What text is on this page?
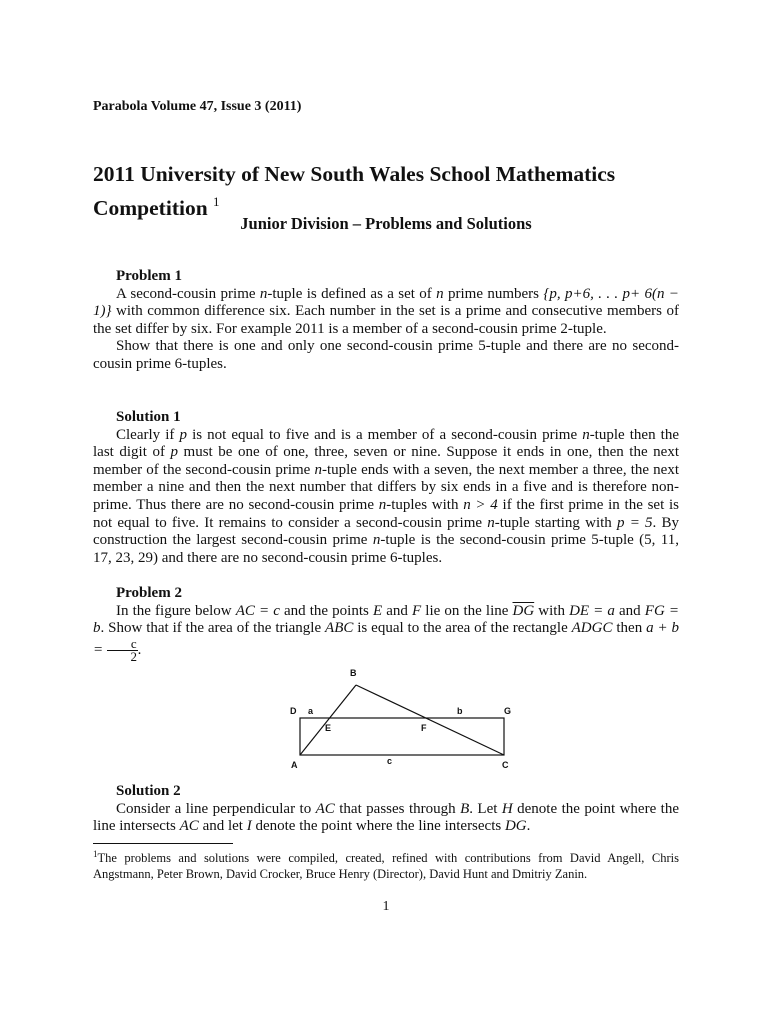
Parabola Volume 47, Issue 3 (2011)
2011 University of New South Wales School Mathematics Competition $^1$
Junior Division – Problems and Solutions

Problem 1

A second-cousin prime n-tuple is defined as a set of n prime numbers {p, p+6, . . . p+ 6(n − 1)} with common difference six. Each number in the set is a prime and consecutive members of the set differ by six. For example 2011 is a member of a second-cousin prime 2-tuple.

Show that there is one and only one second-cousin prime 5-tuple and there are no second-cousin prime 6-tuples.

Solution 1

Clearly if p is not equal to five and is a member of a second-cousin prime n-tuple then the last digit of p must be one of one, three, seven or nine. Suppose it ends in one, then the next member of the second-cousin prime n-tuple ends with a seven, the next member a three, the next member a nine and then the next number that differs by six ends in a five and is therefore non-prime. Thus there are no second-cousin prime n-tuples with n > 4 if the first prime in the set is not equal to five. It remains to consider a second-cousin prime n-tuple starting with p = 5. By construction the largest second-cousin prime n-tuple is the second-cousin prime 5-tuple (5, 11, 17, 23, 29) and there are no second-cousin prime 6-tuples.

Problem 2

In the figure below AC = c and the points E and F lie on the line $\overline{DG}$ with DE = a and FG = b. Show that if the area of the triangle ABC is equal to the area of the rectangle ADGC then $a + b = \frac{c}{2}$ .

B
D a	b	G
E	F
A	c	C

Solution 2

Consider a line perpendicular to AC that passes through B. Let H denote the point where the line intersects AC and let I denote the point where the line intersects DG.

$^1$The problems and solutions were compiled, created, refined with contributions from David Angell, Chris Angstmann, Peter Brown, David Crocker, Bruce Henry (Director), David Hunt and Dmitriy Zanin.
1
